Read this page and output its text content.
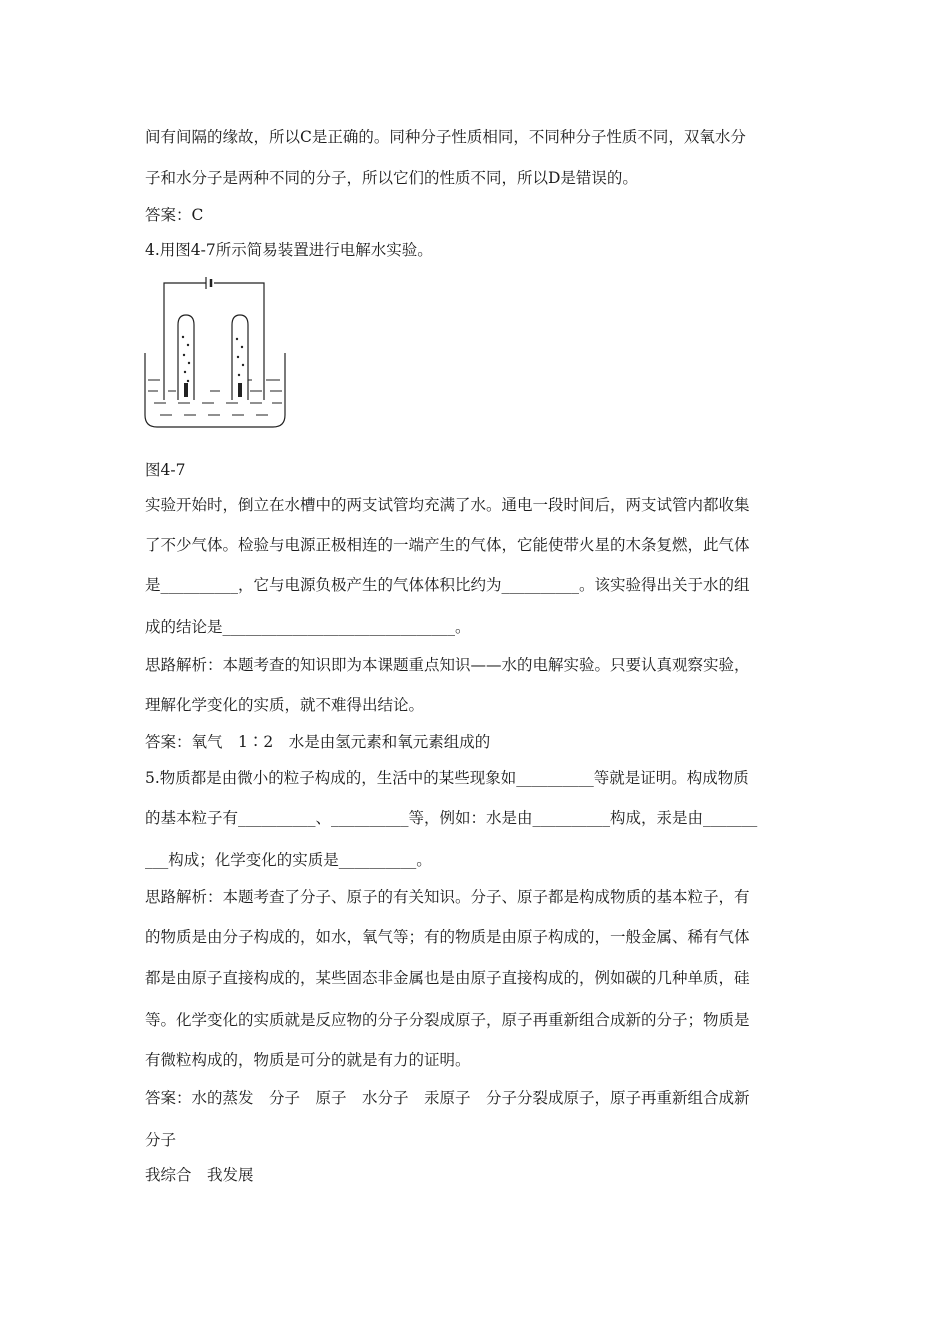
间有间隔的缘故，所以C是正确的。同种分子性质相同，不同种分子性质不同，双氧水分
子和水分子是两种不同的分子，所以它们的性质不同，所以D是错误的。
答案：C
4.用图4-7所示简易装置进行电解水实验。
图4-7
实验开始时，倒立在水槽中的两支试管均充满了水。通电一段时间后，两支试管内都收集
了不少气体。检验与电源正极相连的一端产生的气体，它能使带火星的木条复燃，此气体
是__________，它与电源负极产生的气体体积比约为__________。该实验得出关于水的组
成的结论是______________________________。
思路解析：本题考查的知识即为本课题重点知识——水的电解实验。只要认真观察实验，
理解化学变化的实质，就不难得出结论。
答案：氧气　1∶2　水是由氢元素和氧元素组成的
5.物质都是由微小的粒子构成的，生活中的某些现象如__________等就是证明。构成物质
的基本粒子有__________、__________等，例如：水是由__________构成，汞是由_______
___构成；化学变化的实质是__________。
思路解析：本题考查了分子、原子的有关知识。分子、原子都是构成物质的基本粒子，有
的物质是由分子构成的，如水，氧气等；有的物质是由原子构成的，一般金属、稀有气体
都是由原子直接构成的，某些固态非金属也是由原子直接构成的，例如碳的几种单质，硅
等。化学变化的实质就是反应物的分子分裂成原子，原子再重新组合成新的分子；物质是
有微粒构成的，物质是可分的就是有力的证明。
答案：水的蒸发　分子　原子　水分子　汞原子　分子分裂成原子，原子再重新组合成新
分子
我综合　我发展
